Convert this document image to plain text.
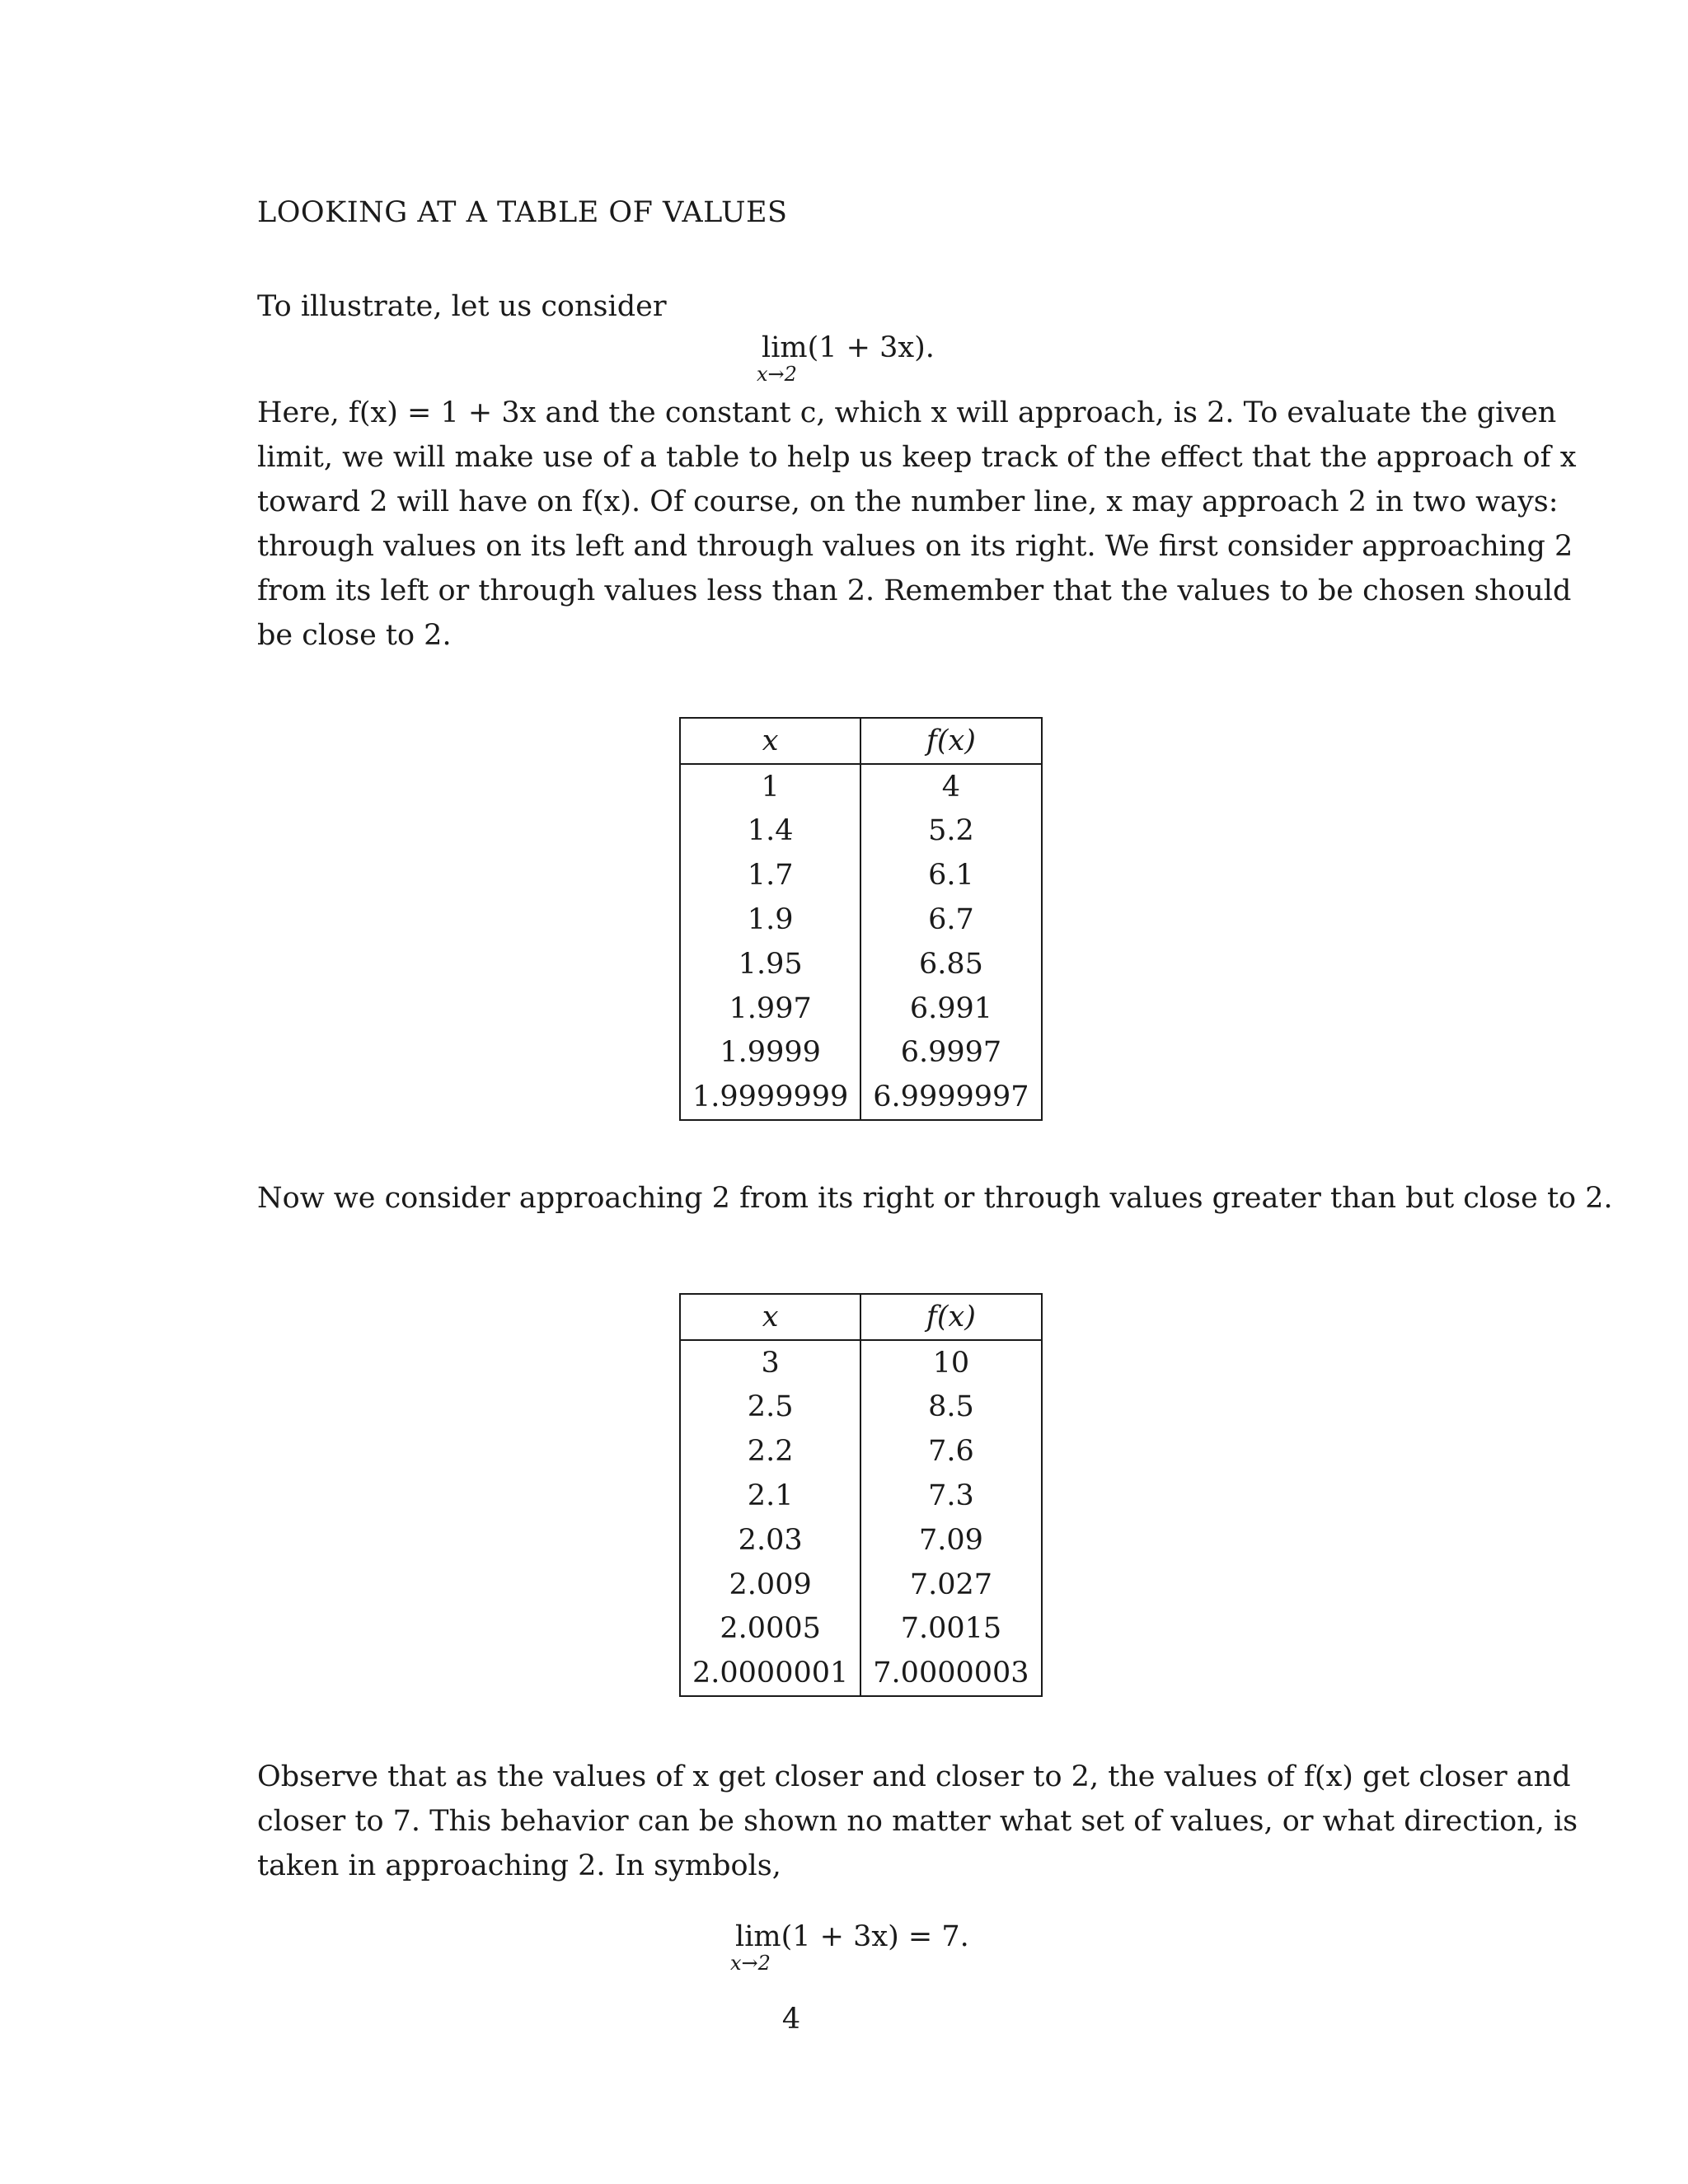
LOOKING AT A TABLE OF VALUES
To illustrate, let us consider
lim
x→2
(1 + 3x).
Here, f(x) = 1 + 3x and the constant c, which x will approach, is 2. To evaluate the given
limit, we will make use of a table to help us keep track of the effect that the approach of x
toward 2 will have on f(x). Of course, on the number line, x may approach 2 in two ways:
through values on its left and through values on its right. We first consider approaching 2
from its left or through values less than 2. Remember that the values to be chosen should
be close to 2.
Now we consider approaching 2 from its right or through values greater than but close to 2.
Observe that as the values of x get closer and closer to 2, the values of f(x) get closer and
closer to 7. This behavior can be shown no matter what set of values, or what direction, is
taken in approaching 2. In symbols,
lim
x→2
(1 + 3x) = 7.
x	f(x)
1	4
1.4	5.2
1.7	6.1
1.9	6.7
1.95	6.85
1.997	6.991
1.9999	6.9997
1.9999999	6.9999997
x	f(x)
3	10
2.5	8.5
2.2	7.6
2.1	7.3
2.03	7.09
2.009	7.027
2.0005	7.0015
2.0000001	7.0000003
4
